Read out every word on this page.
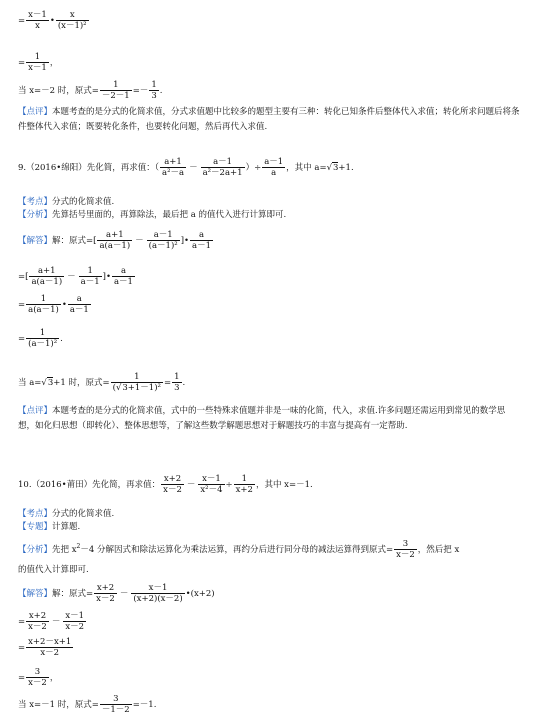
= $\frac{x-1}{x}$ • $\frac{x}{\text{(x－1)²}}$
= $\frac{1}{x-1}$ ，
当 x=－2 时，原式= $\frac{1}{-2-1} =- \frac{1}{3}$ .
【点评】本题考查的是分式的化简求值，分式求值题中比较多的题型主要有三种：转化已知条件后整体代入求值；转化所求问题后将条件整体代入求值；既要转化条件，也要转化问题，然后再代入求值.
9.（2016•绵阳）先化简，再求值：（ $\frac{a+1}{\text{a²－a}} - \frac{a-1}{\text{a²－2a+1}}$ ）÷ $\frac{a-1}{a}$ ，其中 a=√3+1.
【考点】分式的化简求值.
【分析】先算括号里面的，再算除法，最后把 a 的值代入进行计算即可.
【解答】解：原式=[ $\frac{a+1}{a(a-1)} - \frac{a-1}{\text{(a－1)²}}$ ]• $\frac{a}{a-1}$
=[ $\frac{a+1}{a(a-1)} - \frac{1}{a-1}$ ]• $\frac{a}{a-1}$
= $\frac{1}{a(a-1)}$ • $\frac{a}{a-1}$
= $\frac{1}{\text{(a－1)²}}$ .
当 a=√3+1 时，原式= $\frac{1}{\text{(√3+1－1)²}} = \frac{1}{3}$ .
【点评】本题考查的是分式的化简求值，式中的一些特殊求值题并非是一味的化简，代入，求值.许多问题还需运用到常见的数学思想，如化归思想（即转化）、整体思想等，了解这些数学解题思想对于解题技巧的丰富与提高有一定帮助.
10.（2016•莆田）先化简，再求值： $\frac{x+2}{x-2} - \frac{x-1}{\text{x²－4}} \div \frac{1}{x+2}$ ，其中 x=－1.
【考点】分式的化简求值.
【专题】计算题.
【分析】先把 $x^2-4$ 分解因式和除法运算化为乘法运算，再约分后进行同分母的减法运算得到原式= $\frac{3}{x-2}$ ，然后把 x
的值代入计算即可.
【解答】解：原式= $\frac{x+2}{x-2} - \frac{x-1}{(x+2)(x-2)}$ •(x+2)
= $\frac{x+2}{x-2} - \frac{x-1}{x-2}$
= $\frac{x+2-x+1}{x-2}$
= $\frac{3}{x-2}$ ，
当 x=－1 时，原式= $\frac{3}{-1-2} =-1$.
